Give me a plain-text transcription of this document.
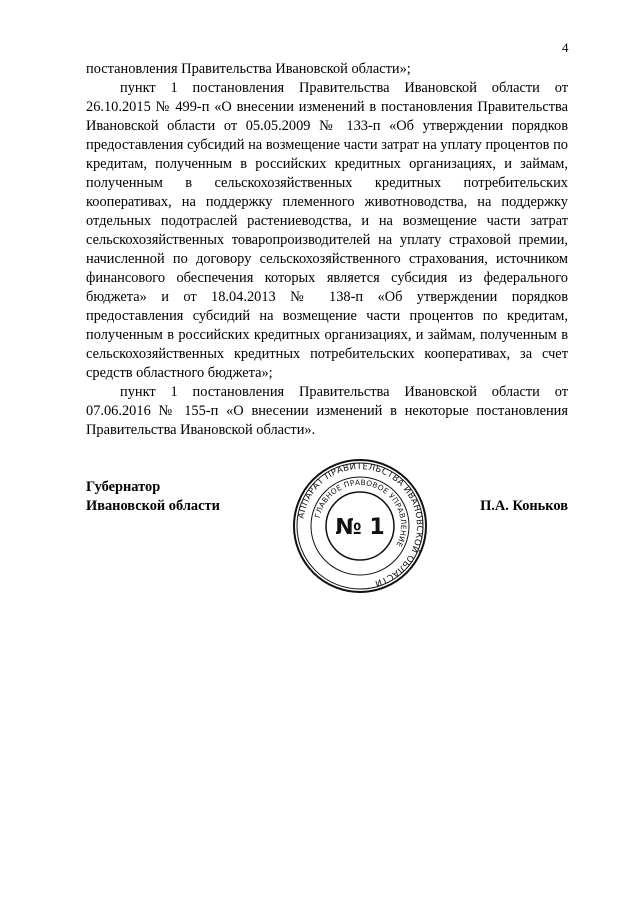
4

постановления Правительства Ивановской области»;

пункт 1 постановления Правительства Ивановской области от 26.10.2015 № 499-п «О внесении изменений в постановления Правительства Ивановской области от 05.05.2009 № 133-п «Об утверждении порядков предоставления субсидий на возмещение части затрат на уплату процентов по кредитам, полученным в российских кредитных организациях, и займам, полученным в сельскохозяйственных кредитных потребительских кооперативах, на поддержку племенного животноводства, на поддержку отдельных подотраслей растениеводства, и на возмещение части затрат сельскохозяйственных товаропроизводителей на уплату страховой премии, начисленной по договору сельскохозяйственного страхования, источником финансового обеспечения которых является субсидия из федерального бюджета» и от 18.04.2013 № 138-п «Об утверждении порядков предоставления субсидий на возмещение части процентов по кредитам, полученным в российских кредитных организациях, и займам, полученным в сельскохозяйственных кредитных потребительских кооперативах, за счет средств областного бюджета»;

пункт 1 постановления Правительства Ивановской области от 07.06.2016 № 155-п «О внесении изменений в некоторые постановления Правительства Ивановской области».

Губернатор
Ивановской области
АППАРАТ ПРАВИТЕЛЬСТВА ИВАНОВСКОЙ ОБЛАСТИ
ГЛАВНОЕ ПРАВОВОЕ УПРАВЛЕНИЕ
№ 1
П.А. Коньков
